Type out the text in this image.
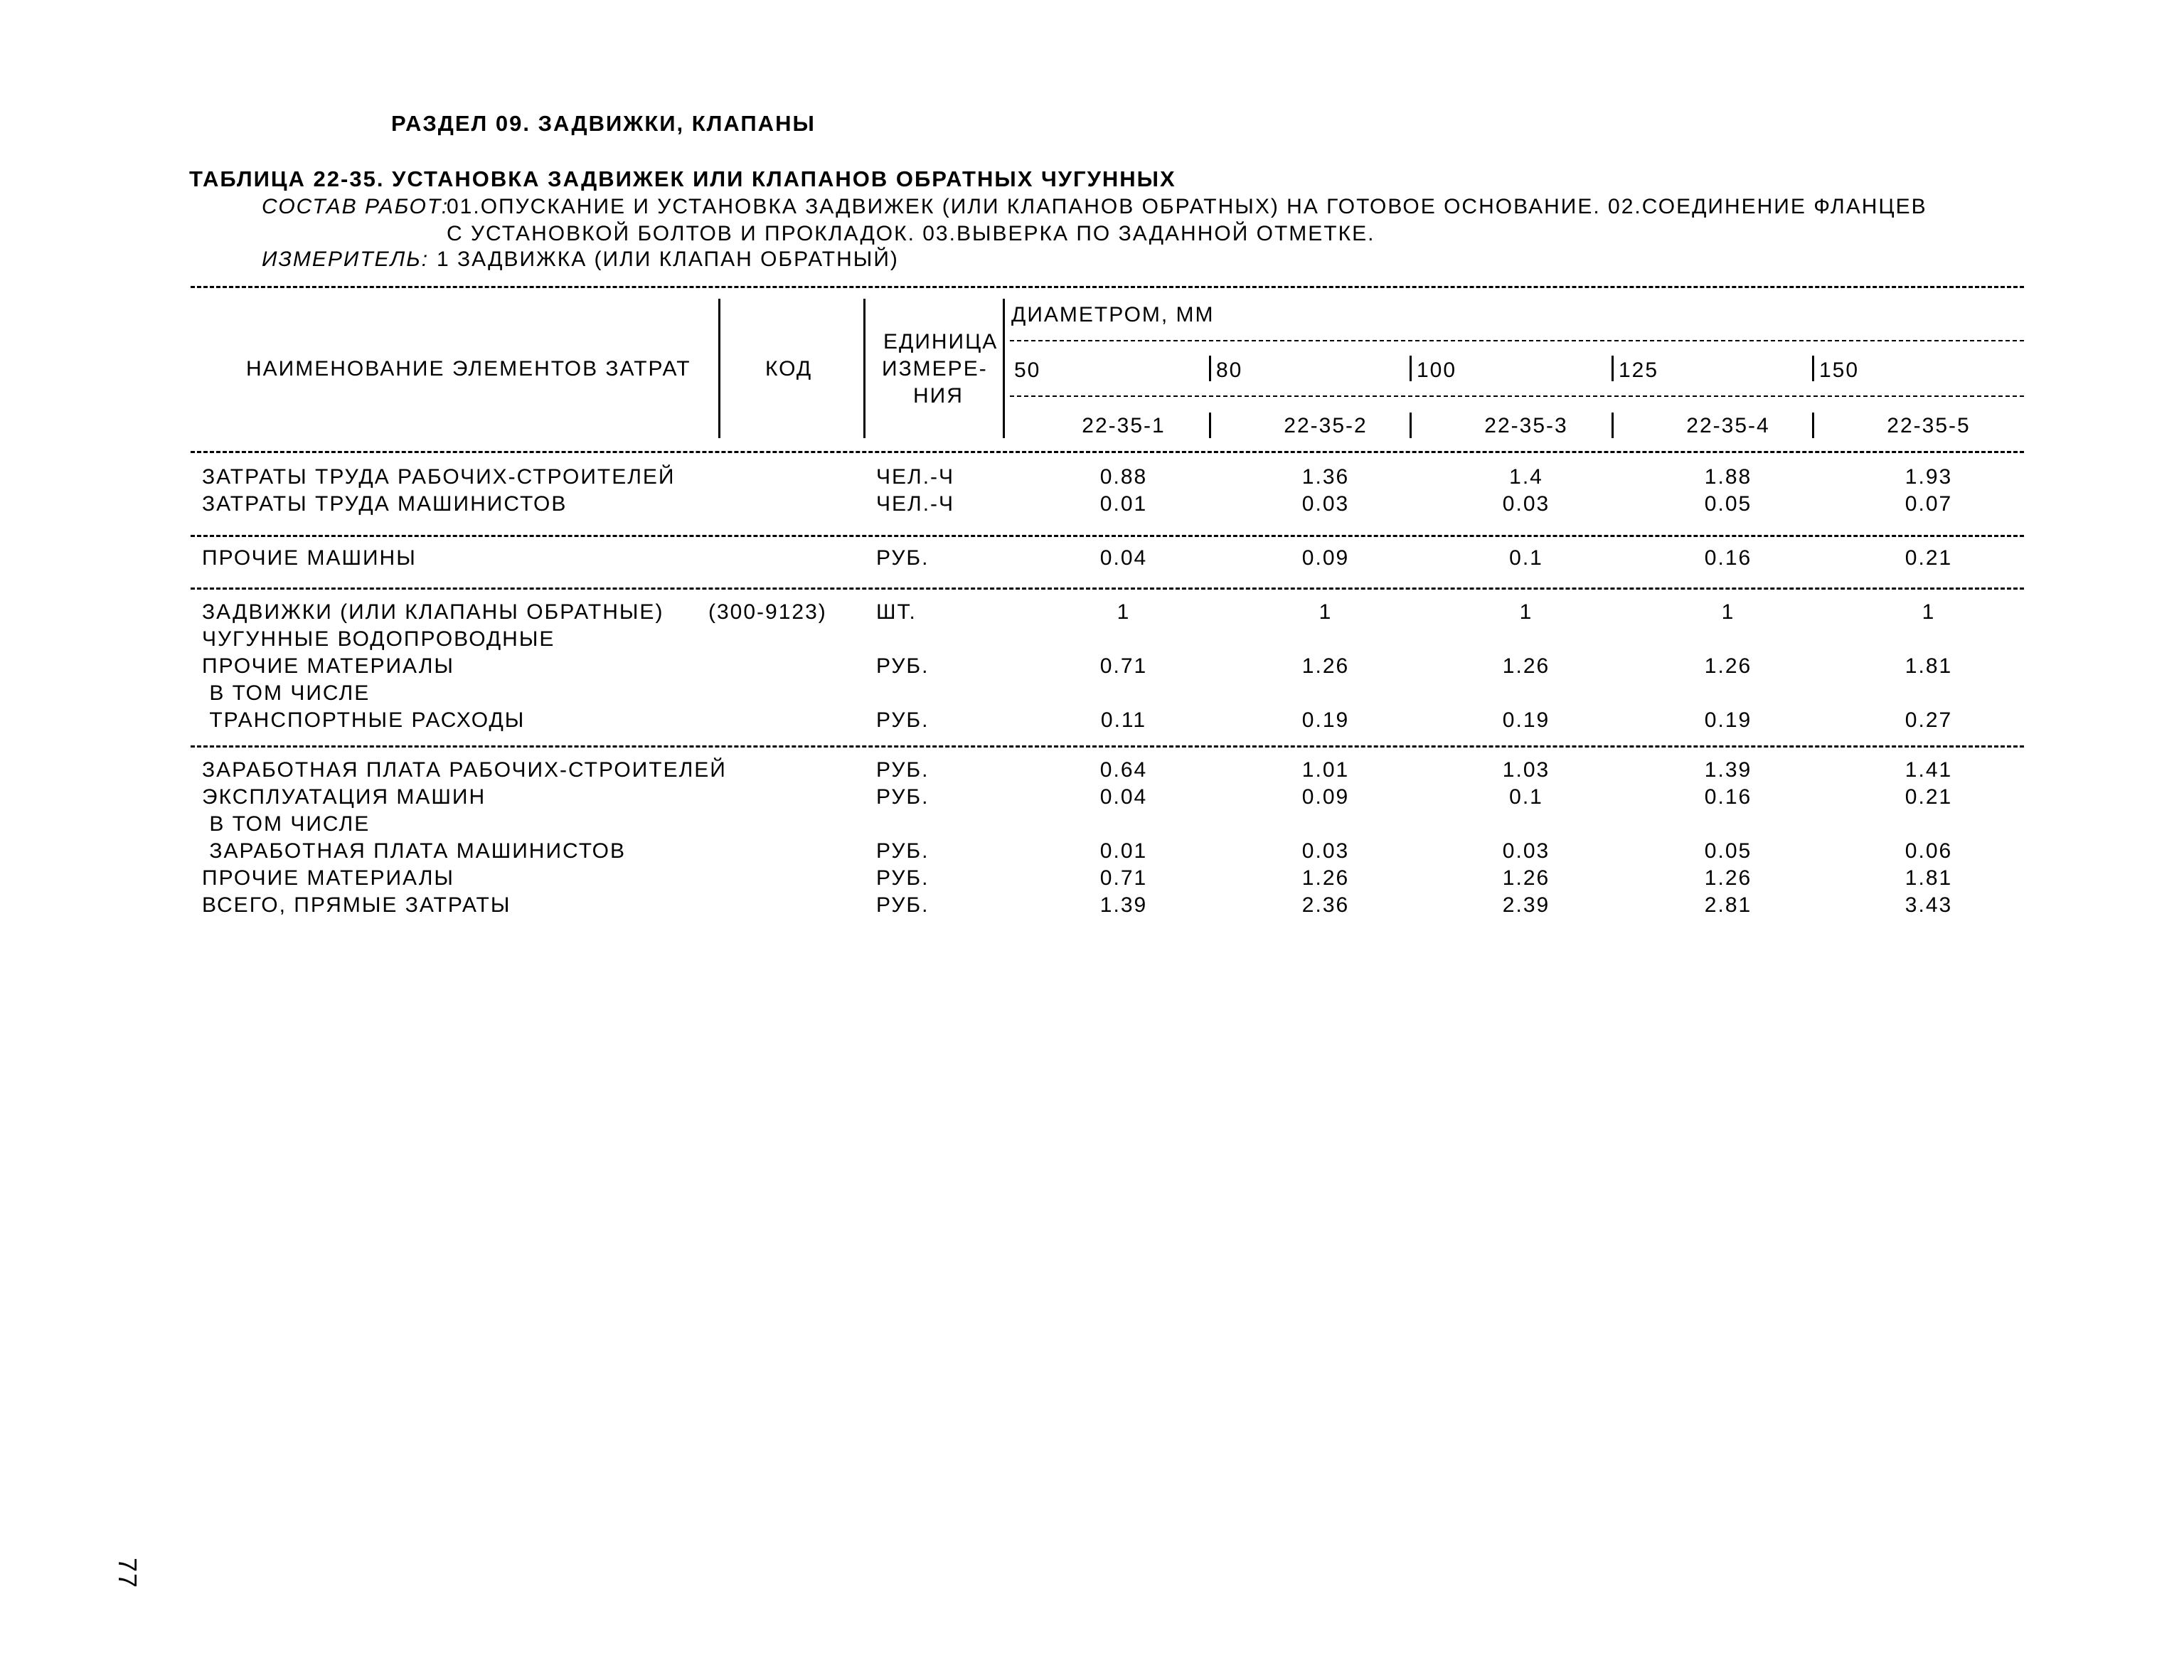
РАЗДЕЛ 09. ЗАДВИЖКИ, КЛАПАНЫ
ТАБЛИЦА 22-35. УСТАНОВКА ЗАДВИЖЕК ИЛИ КЛАПАНОВ ОБРАТНЫХ ЧУГУННЫХ
СОСТАВ РАБОТ:
01.ОПУСКАНИЕ И УСТАНОВКА ЗАДВИЖЕК (ИЛИ КЛАПАНОВ ОБРАТНЫХ) НА ГОТОВОЕ ОСНОВАНИЕ. 02.СОЕДИНЕНИЕ ФЛАНЦЕВ
С УСТАНОВКОЙ БОЛТОВ И ПРОКЛАДОК. 03.ВЫВЕРКА ПО ЗАДАННОЙ ОТМЕТКЕ.
ИЗМЕРИТЕЛЬ: 1 ЗАДВИЖКА (ИЛИ КЛАПАН ОБРАТНЫЙ)
НАИМЕНОВАНИЕ ЭЛЕМЕНТОВ ЗАТРАТ	КОД
ЕДИНИЦА
ИЗМЕРЕ-
НИЯ
ДИАМЕТРОМ, ММ
50	80	100	125	150
22-35-1	22-35-2	22-35-3	22-35-4	22-35-5
ЗАТРАТЫ ТРУДА РАБОЧИХ-СТРОИТЕЛЕЙ	ЧЕЛ.-Ч	0.88	1.36	1.4	1.88	1.93
ЗАТРАТЫ ТРУДА МАШИНИСТОВ	ЧЕЛ.-Ч	0.01	0.03	0.03	0.05	0.07
ПРОЧИЕ МАШИНЫ	РУБ.	0.04	0.09	0.1	0.16	0.21
ЗАДВИЖКИ (ИЛИ КЛАПАНЫ ОБРАТНЫЕ) (300-9123) ШТ.	1	1	1	1	1
ЧУГУННЫЕ ВОДОПРОВОДНЫЕ
ПРОЧИЕ МАТЕРИАЛЫ	РУБ.	0.71	1.26	1.26	1.26	1.81
В ТОМ ЧИСЛЕ
ТРАНСПОРТНЫЕ РАСХОДЫ	РУБ.	0.11	0.19	0.19	0.19	0.27
ЗАРАБОТНАЯ ПЛАТА РАБОЧИХ-СТРОИТЕЛЕЙ	РУБ.	0.64	1.01	1.03	1.39	1.41
ЭКСПЛУАТАЦИЯ МАШИН	РУБ.	0.04	0.09	0.1	0.16	0.21
В ТОМ ЧИСЛЕ
ЗАРАБОТНАЯ ПЛАТА МАШИНИСТОВ	РУБ.	0.01	0.03	0.03	0.05	0.06
ПРОЧИЕ МАТЕРИАЛЫ	РУБ.	0.71	1.26	1.26	1.26	1.81
ВСЕГО, ПРЯМЫЕ ЗАТРАТЫ	РУБ.	1.39	2.36	2.39	2.81	3.43
77
